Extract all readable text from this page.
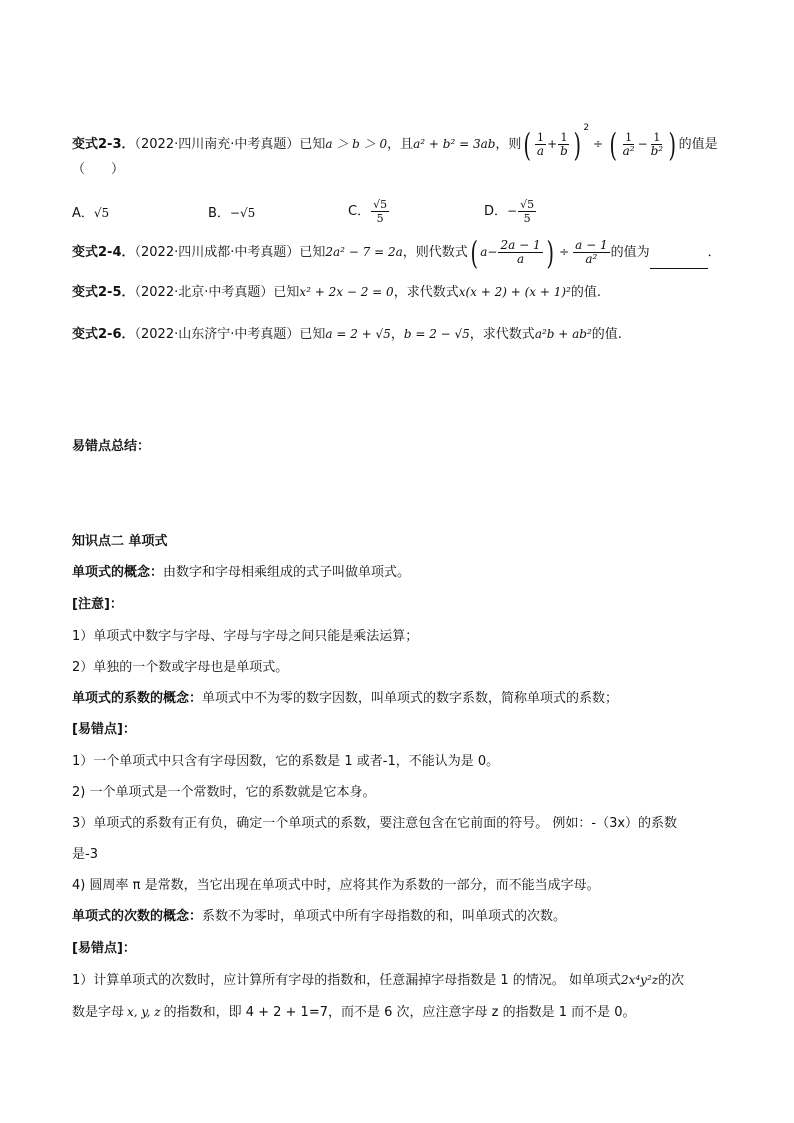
变式2-3．（2022·四川南充·中考真题）已知a ＞ b ＞ 0，且a² + b² = 3ab，则( $\frac{1}{a} + \frac{1}{b}$ ) $^2$÷ ( $\frac{1}{\text{a²}} - \frac{1}{\text{b²}}$ ) 的值是
（　　）
A．√5	B．−√5	C． $\frac{√5}{5}$	D．− $\frac{√5}{5}$
变式2-4．（2022·四川成都·中考真题）已知2a² − 7 = 2a，则代数式( $a- \frac{2a - 1}{a}$ ) ÷ $\frac{a - 1}{\text{a²}}$ 的值为	．
变式2-5．（2022·北京·中考真题）已知x² + 2x − 2 = 0，求代数式x(x + 2) + (x + 1)²的值.
变式2-6．（2022·山东济宁·中考真题）已知a = 2 + √5，b = 2 − √5，求代数式a²b + ab²的值.
易错点总结：
知识点二 单项式
单项式的概念：由数字和字母相乘组成的式子叫做单项式。
[注意]：
1）单项式中数字与字母、字母与字母之间只能是乘法运算；
2）单独的一个数或字母也是单项式。
单项式的系数的概念：单项式中不为零的数字因数，叫单项式的数字系数，简称单项式的系数；
[易错点]：
1）一个单项式中只含有字母因数，它的系数是 1 或者-1，不能认为是 0。
2) 一个单项式是一个常数时，它的系数就是它本身。
3）单项式的系数有正有负，确定一个单项式的系数，要注意包含在它前面的符号。 例如：-（3x）的系数
是-3
4) 圆周率 π 是常数，当它出现在单项式中时，应将其作为系数的一部分，而不能当成字母。
单项式的次数的概念：系数不为零时，单项式中所有字母指数的和，叫单项式的次数。
[易错点]：
1）计算单项式的次数时，应计算所有字母的指数和，任意漏掉字母指数是 1 的情况。 如单项式2x⁴y²z的次
数是字母 x, y, z 的指数和，即 4 + 2 + 1=7，而不是 6 次，应注意字母 z 的指数是 1 而不是 0。
